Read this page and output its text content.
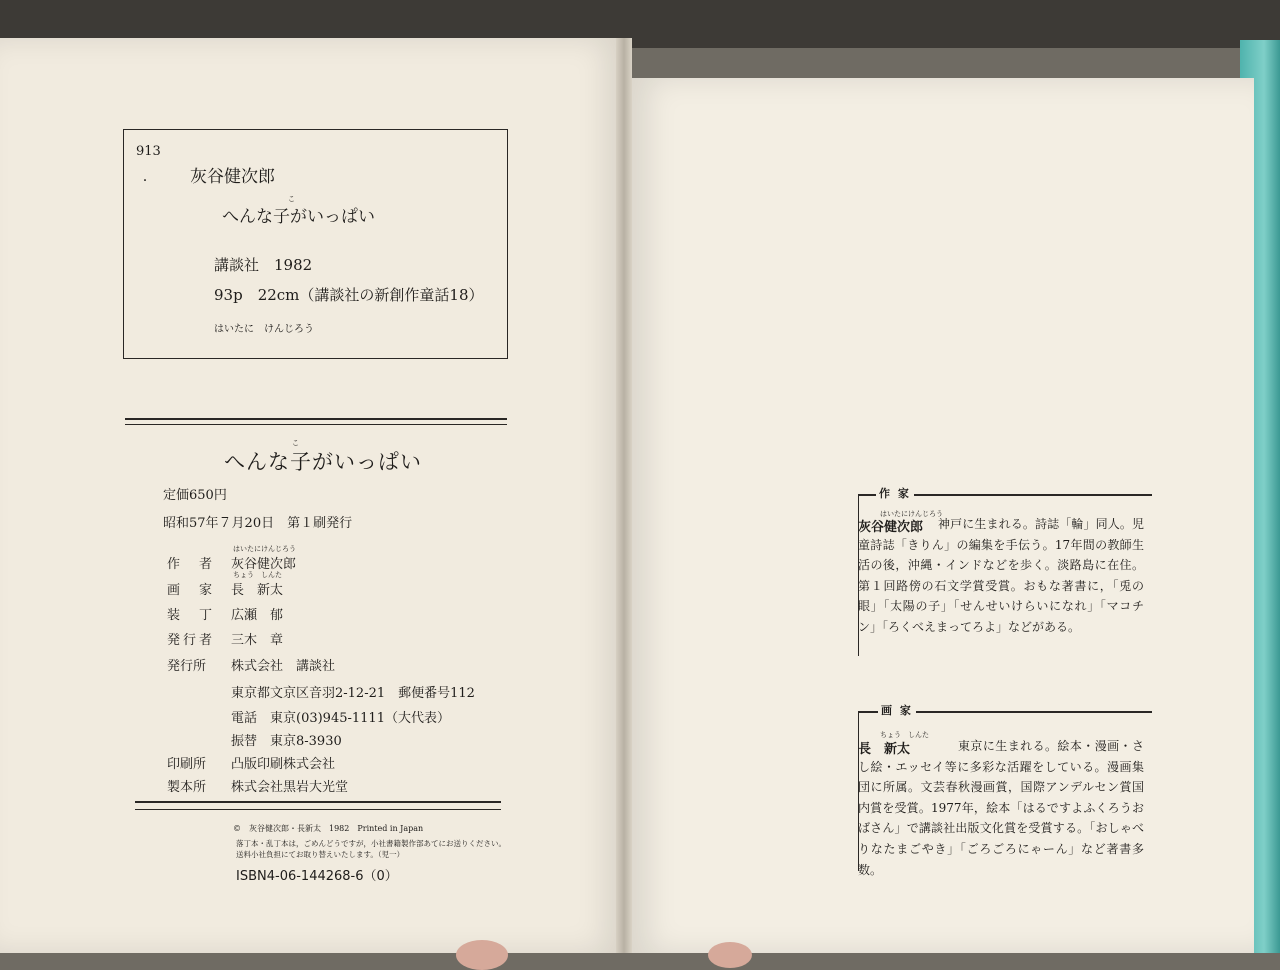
913
・ 灰谷健次郎
こ
へんな子がいっぱい
講談社　1982
93p　22cm（講談社の新創作童話18）
はいたに　けんじろう
こ
へんな子がいっぱい
定価650円
昭和57年７月20日　第１刷発行
作　者
はいたにけんじろう
灰谷健次郎
画　家
ちょう　しんた
長　新太
装　丁 広瀬　郁
発行者 三木　章
発行所 株式会社　講談社
東京都文京区音羽2-12-21　郵便番号112
電話　東京(03)945-1111（大代表）
振替　東京8-3930
印刷所 凸版印刷株式会社
製本所 株式会社黒岩大光堂
©　灰谷健次郎・長新太　1982　Printed in Japan
落丁本・乱丁本は，ごめんどうですが，小社書籍製作部あてにお送りください。送料小社負担にてお取り替えいたします。（児一）
ISBN4-06-144268-6（0）
作 家
はいたにけんじろう
灰谷健次郎	神戸に生まれる。詩誌「輪」同人。児童詩誌「きりん」の編集を手伝う。17年間の教師生活の後，沖縄・インドなどを歩く。淡路島に在住。第１回路傍の石文学賞受賞。おもな著書に，「兎の眼」「太陽の子」「せんせいけらいになれ」「マコチン」「ろくべえまってろよ」などがある。
画 家
ちょう　しんた
長　新太	東京に生まれる。絵本・漫画・さし絵・エッセイ等に多彩な活躍をしている。漫画集団に所属。文芸春秋漫画賞，国際アンデルセン賞国内賞を受賞。1977年，絵本「はるですよふくろうおばさん」で講談社出版文化賞を受賞する。「おしゃべりなたまごやき」「ごろごろにゃーん」など著書多数。
